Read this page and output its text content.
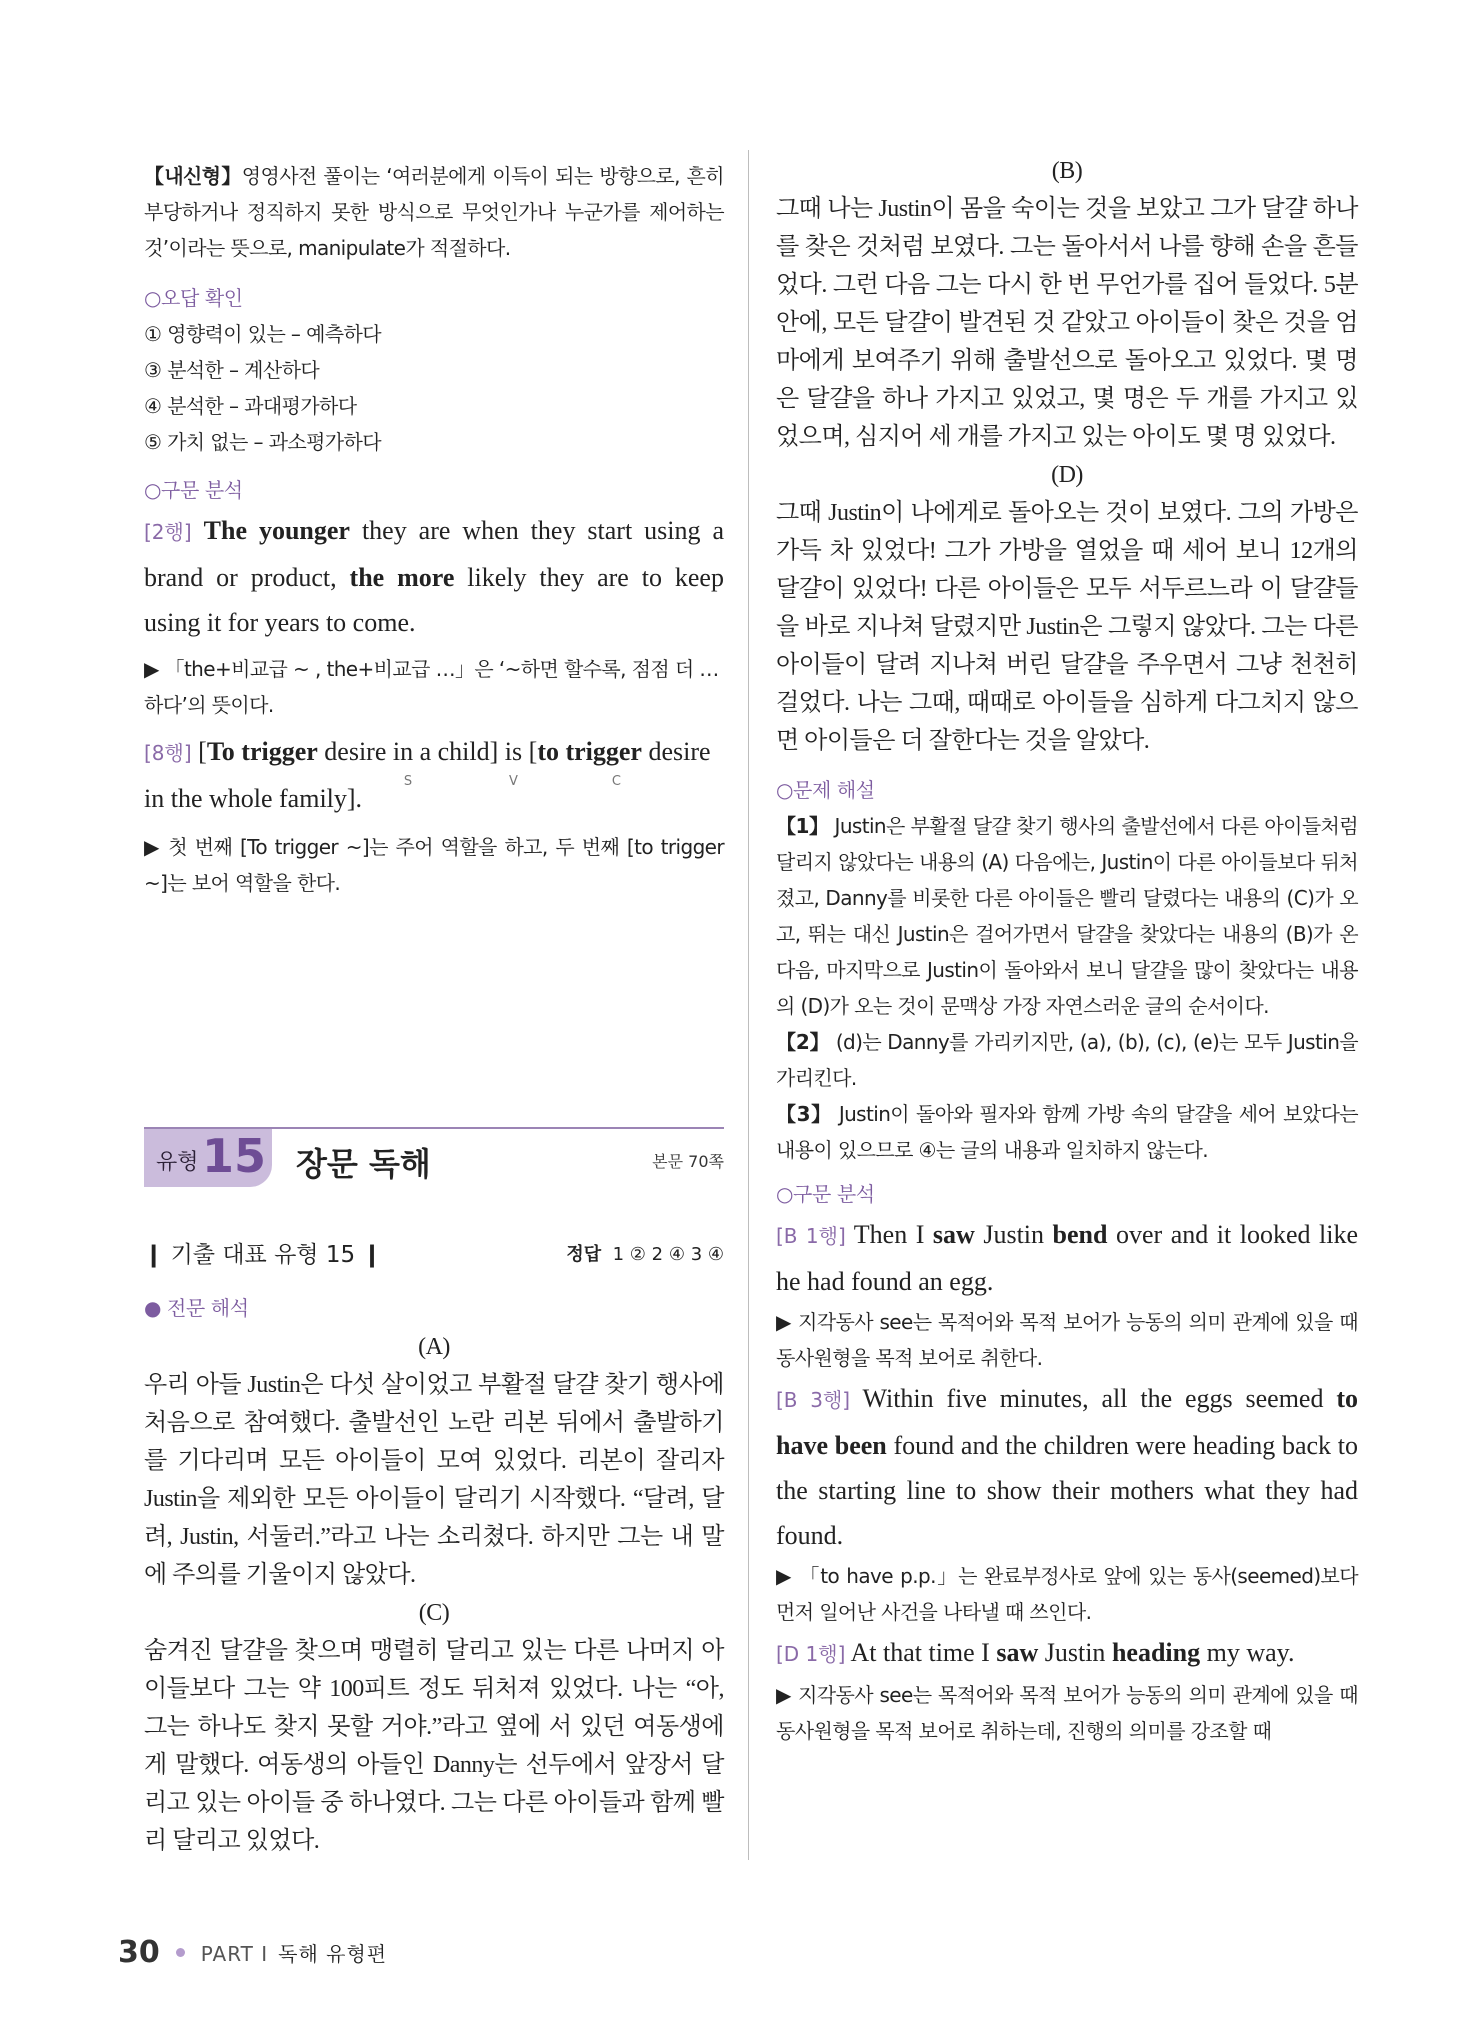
【내신형】영영사전 풀이는 ‘여러분에게 이득이 되는 방향으로, 흔히 부당하거나 정직하지 못한 방식으로 무엇인가나 누군가를 제어하는 것’이라는 뜻으로, manipulate가 적절하다.

○오답 확인

① 영향력이 있는 – 예측하다

③ 분석한 – 계산하다

④ 분석한 – 과대평가하다

⑤ 가치 없는 – 과소평가하다

○구문 분석

[2행] The younger they are when they start using a brand or product, the more likely they are to keep using it for years to come.

▶ 「the+비교급 ~ , the+비교급 …」은 ‘~하면 할수록, 점점 더 …하다’의 뜻이다.

[8행] [To trigger desire in a child]
S
is
V
[to trigger desire
C
in the whole family].

▶ 첫 번째 [To trigger ~]는 주어 역할을 하고, 두 번째 [to trigger ~]는 보어 역할을 한다.

유형 15 장문 독해	본문 70쪽
❙ 기출 대표 유형 15 ❙	정답 1 ② 2 ④ 3 ④

● 전문 해석

(A)

우리 아들 Justin은 다섯 살이었고 부활절 달걀 찾기 행사에 처음으로 참여했다. 출발선인 노란 리본 뒤에서 출발하기를 기다리며 모든 아이들이 모여 있었다. 리본이 잘리자 Justin을 제외한 모든 아이들이 달리기 시작했다. “달려, 달려, Justin, 서둘러.”라고 나는 소리쳤다. 하지만 그는 내 말에 주의를 기울이지 않았다.

(C)

숨겨진 달걀을 찾으며 맹렬히 달리고 있는 다른 나머지 아이들보다 그는 약 100피트 정도 뒤처져 있었다. 나는 “아, 그는 하나도 찾지 못할 거야.”라고 옆에 서 있던 여동생에게 말했다. 여동생의 아들인 Danny는 선두에서 앞장서 달리고 있는 아이들 중 하나였다. 그는 다른 아이들과 함께 빨리 달리고 있었다.

(B)

그때 나는 Justin이 몸을 숙이는 것을 보았고 그가 달걀 하나를 찾은 것처럼 보였다. 그는 돌아서서 나를 향해 손을 흔들었다. 그런 다음 그는 다시 한 번 무언가를 집어 들었다. 5분 안에, 모든 달걀이 발견된 것 같았고 아이들이 찾은 것을 엄마에게 보여주기 위해 출발선으로 돌아오고 있었다. 몇 명은 달걀을 하나 가지고 있었고, 몇 명은 두 개를 가지고 있었으며, 심지어 세 개를 가지고 있는 아이도 몇 명 있었다.

(D)

그때 Justin이 나에게로 돌아오는 것이 보였다. 그의 가방은 가득 차 있었다! 그가 가방을 열었을 때 세어 보니 12개의 달걀이 있었다! 다른 아이들은 모두 서두르느라 이 달걀들을 바로 지나쳐 달렸지만 Justin은 그렇지 않았다. 그는 다른 아이들이 달려 지나쳐 버린 달걀을 주우면서 그냥 천천히 걸었다. 나는 그때, 때때로 아이들을 심하게 다그치지 않으면 아이들은 더 잘한다는 것을 알았다.

○문제 해설

【1】 Justin은 부활절 달걀 찾기 행사의 출발선에서 다른 아이들처럼 달리지 않았다는 내용의 (A) 다음에는, Justin이 다른 아이들보다 뒤처졌고, Danny를 비롯한 다른 아이들은 빨리 달렸다는 내용의 (C)가 오고, 뛰는 대신 Justin은 걸어가면서 달걀을 찾았다는 내용의 (B)가 온 다음, 마지막으로 Justin이 돌아와서 보니 달걀을 많이 찾았다는 내용의 (D)가 오는 것이 문맥상 가장 자연스러운 글의 순서이다.

【2】 (d)는 Danny를 가리키지만, (a), (b), (c), (e)는 모두 Justin을 가리킨다.

【3】 Justin이 돌아와 필자와 함께 가방 속의 달걀을 세어 보았다는 내용이 있으므로 ④는 글의 내용과 일치하지 않는다.

○구문 분석

[B 1행] Then I saw Justin bend over and it looked like he had found an egg.

▶ 지각동사 see는 목적어와 목적 보어가 능동의 의미 관계에 있을 때 동사원형을 목적 보어로 취한다.

[B 3행] Within five minutes, all the eggs seemed to have been found and the children were heading back to the starting line to show their mothers what they had found.

▶ 「to have p.p.」는 완료부정사로 앞에 있는 동사(seemed)보다 먼저 일어난 사건을 나타낼 때 쓰인다.

[D 1행] At that time I saw Justin heading my way.

▶ 지각동사 see는 목적어와 목적 보어가 능동의 의미 관계에 있을 때 동사원형을 목적 보어로 취하는데, 진행의 의미를 강조할 때

30 PART Ⅰ 독해 유형편
